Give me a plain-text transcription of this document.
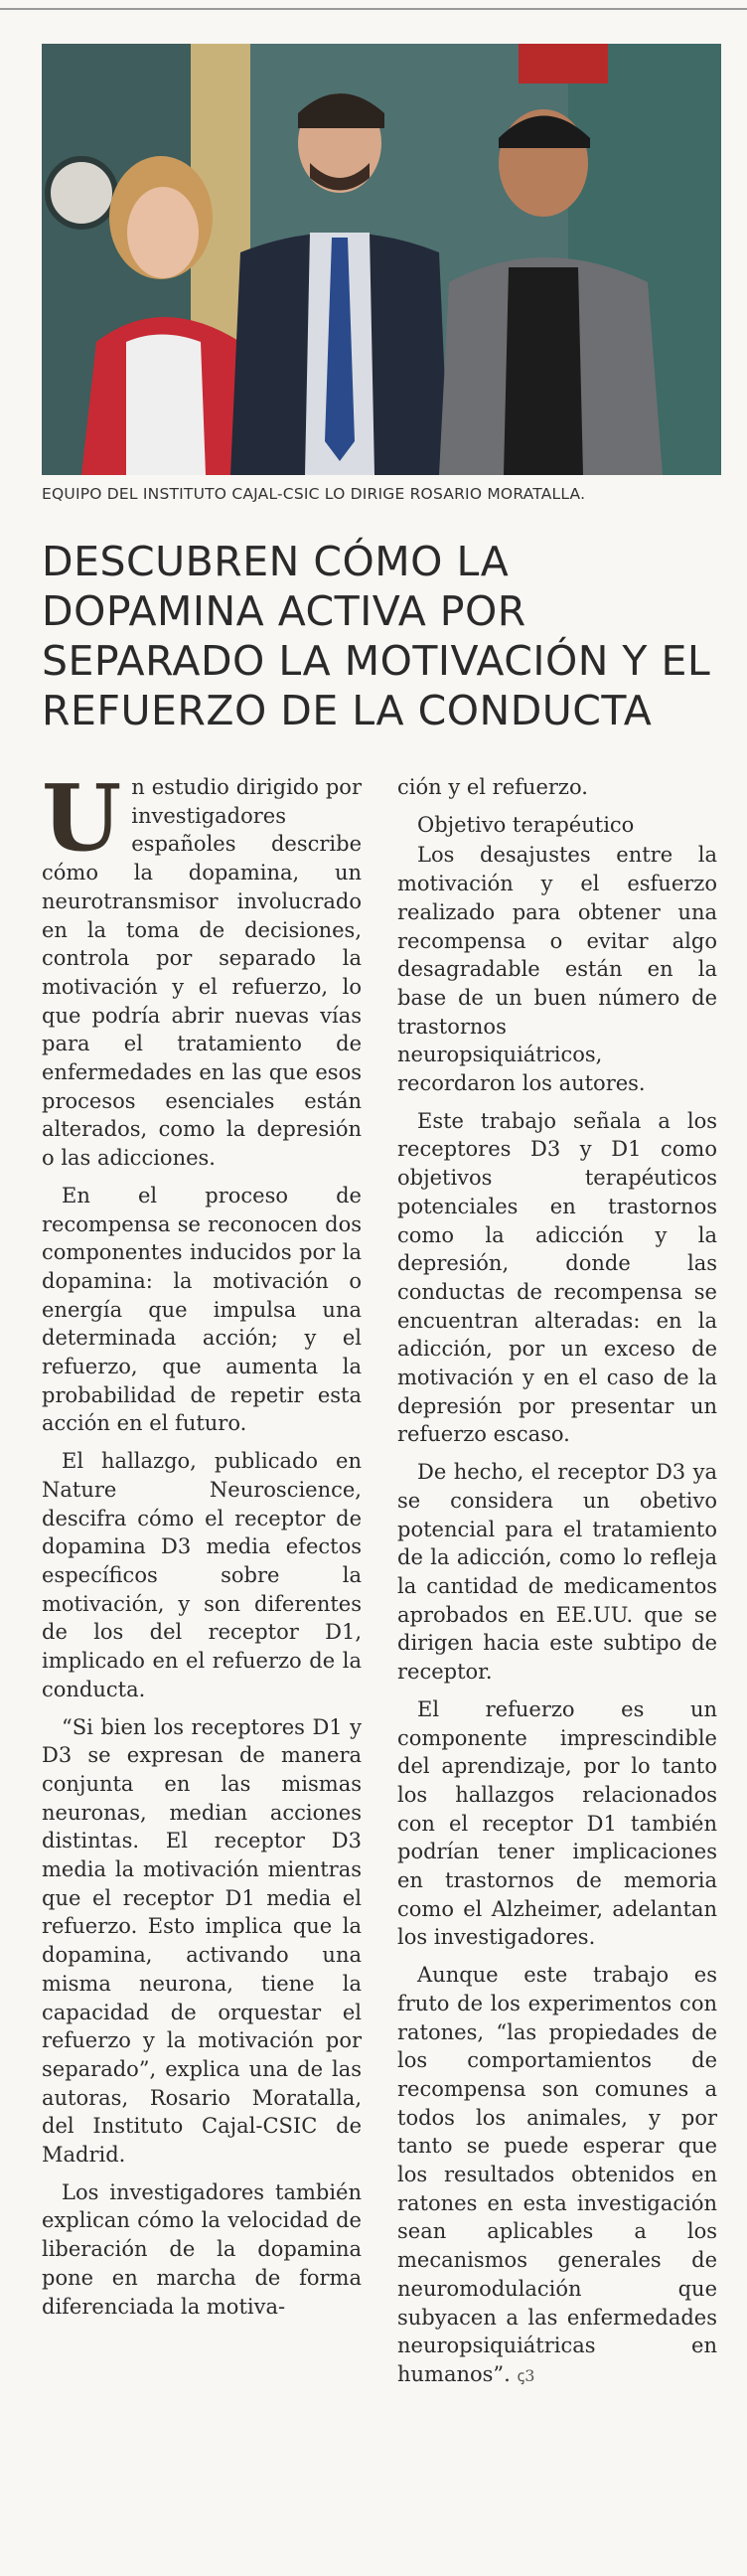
EQUIPO DEL INSTITUTO CAJAL-CSIC LO DIRIGE ROSARIO MORATALLA.
DESCUBREN CÓMO LA DOPAMINA ACTIVA POR SEPARADO LA MOTIVACIÓN Y EL REFUERZO DE LA CONDUCTA

Un estudio dirigido por investigadores españoles describe cómo la dopamina, un neurotransmisor involucrado en la toma de decisiones, controla por separado la motivación y el refuerzo, lo que podría abrir nuevas vías para el tratamiento de enfermedades en las que esos procesos esenciales están alterados, como la depresión o las adicciones.

En el proceso de recompensa se reconocen dos componentes inducidos por la dopamina: la motivación o energía que impulsa una determinada acción; y el refuerzo, que aumenta la probabilidad de repetir esta acción en el futuro.

El hallazgo, publicado en Nature Neuroscience, descifra cómo el receptor de dopamina D3 media efectos específicos sobre la motivación, y son diferentes de los del receptor D1, implicado en el refuerzo de la conducta.

“Si bien los receptores D1 y D3 se expresan de manera conjunta en las mismas neuronas, median acciones distintas. El receptor D3 media la motivación mientras que el receptor D1 media el refuerzo. Esto implica que la dopamina, activando una misma neurona, tiene la capacidad de orquestar el refuerzo y la motivación por separado”, explica una de las autoras, Rosario Moratalla, del Instituto Cajal-CSIC de Madrid.

Los investigadores también explican cómo la velocidad de liberación de la dopamina pone en marcha de forma diferenciada la motiva-

ción y el refuerzo.

Objetivo terapéutico

Los desajustes entre la motivación y el esfuerzo realizado para obtener una recompensa o evitar algo desagradable están en la base de un buen número de trastornos neuropsiquiátricos, recordaron los autores.

Este trabajo señala a los receptores D3 y D1 como objetivos terapéuticos potenciales en trastornos como la adicción y la depresión, donde las conductas de recompensa se encuentran alteradas: en la adicción, por un exceso de motivación y en el caso de la depresión por presentar un refuerzo escaso.

De hecho, el receptor D3 ya se considera un obetivo potencial para el tratamiento de la adicción, como lo refleja la cantidad de medicamentos aprobados en EE.UU. que se dirigen hacia este subtipo de receptor.

El refuerzo es un componente imprescindible del aprendizaje, por lo tanto los hallazgos relacionados con el receptor D1 también podrían tener implicaciones en trastornos de memoria como el Alzheimer, adelantan los investigadores.

Aunque este trabajo es fruto de los experimentos con ratones, “las propiedades de los comportamientos de recompensa son comunes a todos los animales, y por tanto se puede esperar que los resultados obtenidos en ratones en esta investigación sean aplicables a los mecanismos generales de neuromodulación que subyacen a las enfermedades neuropsiquiátricas en humanos”. ꞔ3
